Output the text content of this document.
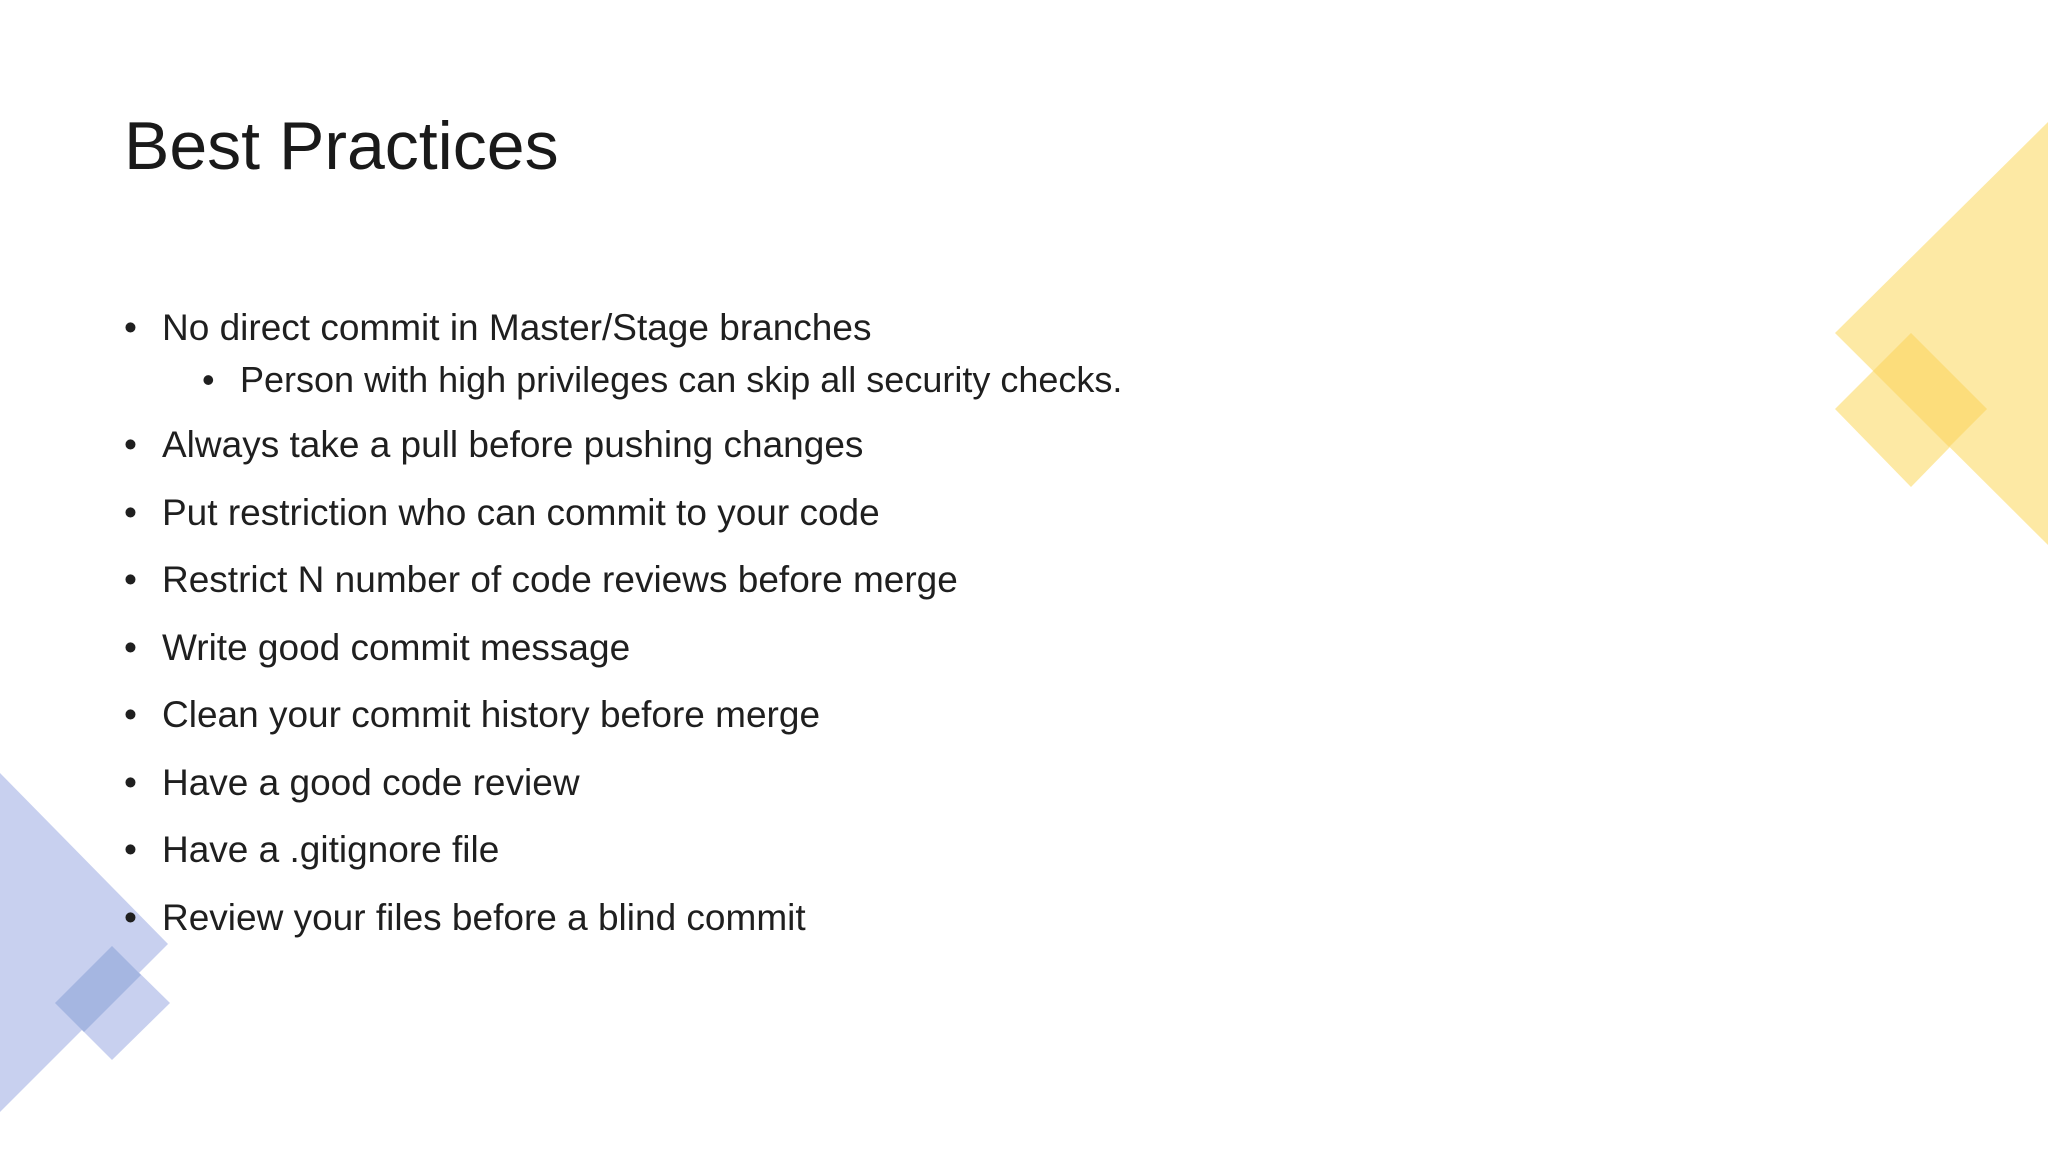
Best Practices
• No direct commit in Master/Stage branches
• Person with high privileges can skip all security checks.
• Always take a pull before pushing changes
• Put restriction who can commit to your code
• Restrict N number of code reviews before merge
• Write good commit message
• Clean your commit history before merge
• Have a good code review
• Have a .gitignore file
• Review your files before a blind commit
